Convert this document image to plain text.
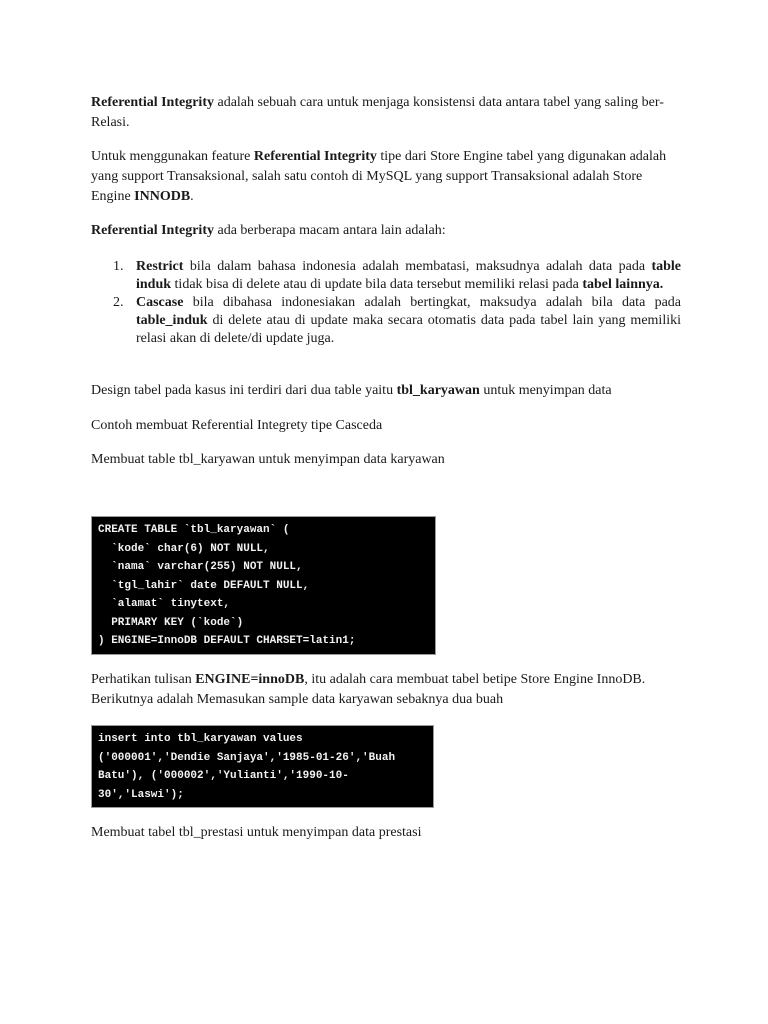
Referential Integrity adalah sebuah cara untuk menjaga konsistensi data antara tabel yang saling ber-Relasi.

Untuk menggunakan feature Referential Integrity tipe dari Store Engine tabel yang digunakan adalah yang support Transaksional, salah satu contoh di MySQL yang support Transaksional adalah Store Engine INNODB.

Referential Integrity ada berberapa macam antara lain adalah:

1. Restrict bila dalam bahasa indonesia adalah membatasi, maksudnya adalah data pada table induk tidak bisa di delete atau di update bila data tersebut memiliki relasi pada tabel lainnya.
2. Cascase bila dibahasa indonesiakan adalah bertingkat, maksudya adalah bila data pada table_induk di delete atau di update maka secara otomatis data pada tabel lain yang memiliki relasi akan di delete/di update juga.

Design tabel pada kasus ini terdiri dari dua table yaitu tbl_karyawan untuk menyimpan data

Contoh membuat Referential Integrety tipe Casceda

Membuat table tbl_karyawan untuk menyimpan data karyawan

CREATE TABLE `tbl_karyawan` (
`kode` char(6) NOT NULL,
`nama` varchar(255) NOT NULL,
`tgl_lahir` date DEFAULT NULL,
`alamat` tinytext,
PRIMARY KEY (`kode`)
) ENGINE=InnoDB DEFAULT CHARSET=latin1;

Perhatikan tulisan ENGINE=innoDB, itu adalah cara membuat tabel betipe Store Engine InnoDB. Berikutnya adalah Memasukan sample data karyawan sebaknya dua buah

insert into tbl_karyawan values
('000001','Dendie Sanjaya','1985-01-26','Buah
Batu'), ('000002','Yulianti','1990-10-
30','Laswi');

Membuat tabel tbl_prestasi untuk menyimpan data prestasi
